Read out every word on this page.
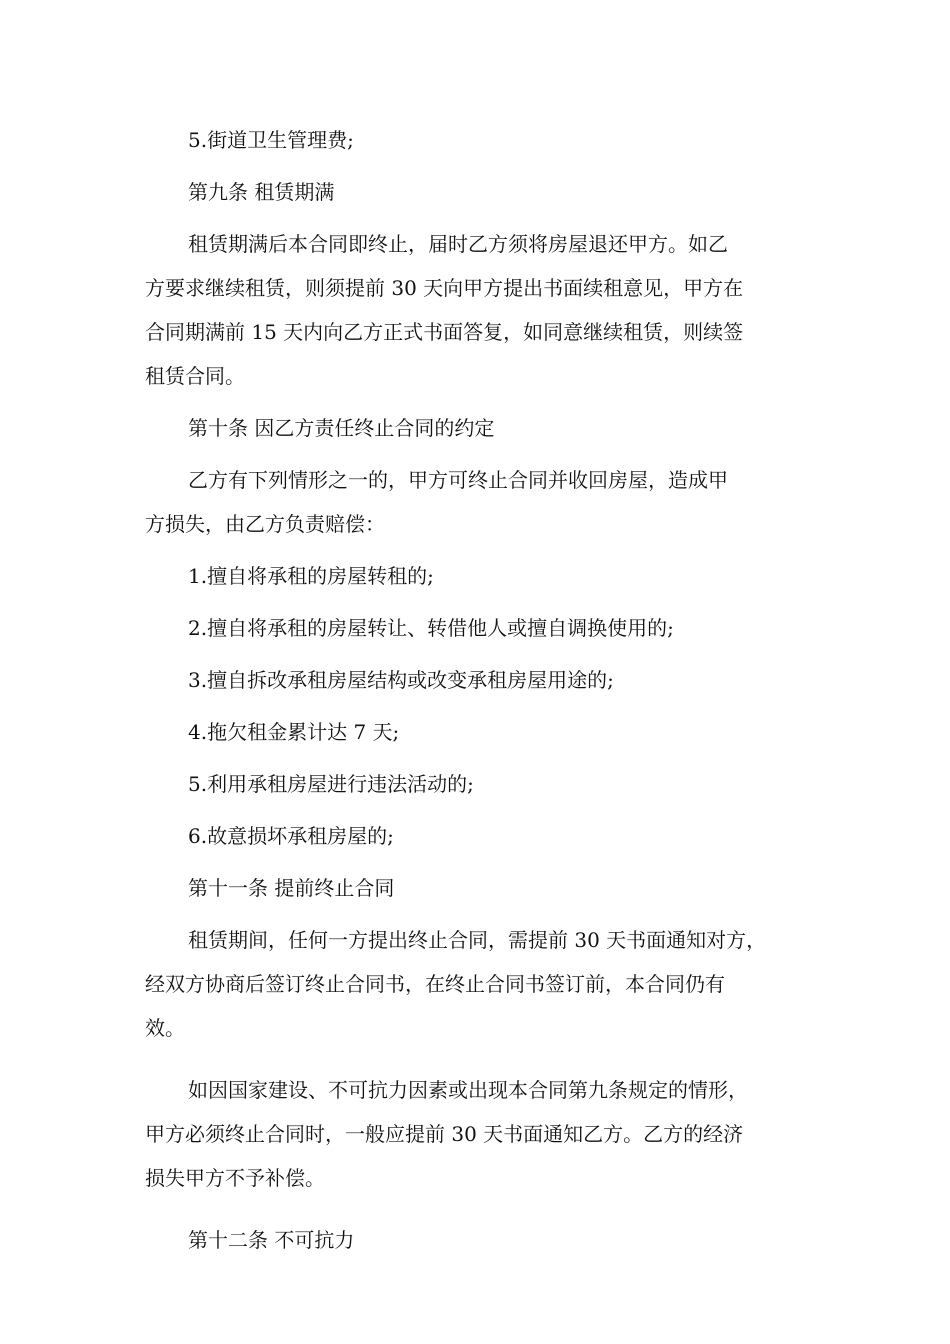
5.街道卫生管理费;

第九条 租赁期满

租赁期满后本合同即终止，届时乙方须将房屋退还甲方。如乙

方要求继续租赁，则须提前 30 天向甲方提出书面续租意见，甲方在

合同期满前 15 天内向乙方正式书面答复，如同意继续租赁，则续签

租赁合同。

第十条 因乙方责任终止合同的约定

乙方有下列情形之一的，甲方可终止合同并收回房屋，造成甲

方损失，由乙方负责赔偿：

1.擅自将承租的房屋转租的;

2.擅自将承租的房屋转让、转借他人或擅自调换使用的;

3.擅自拆改承租房屋结构或改变承租房屋用途的;

4.拖欠租金累计达 7 天;

5.利用承租房屋进行违法活动的;

6.故意损坏承租房屋的;

第十一条 提前终止合同

租赁期间，任何一方提出终止合同，需提前 30 天书面通知对方，

经双方协商后签订终止合同书，在终止合同书签订前，本合同仍有

效。

如因国家建设、不可抗力因素或出现本合同第九条规定的情形，

甲方必须终止合同时，一般应提前 30 天书面通知乙方。乙方的经济

损失甲方不予补偿。

第十二条 不可抗力
